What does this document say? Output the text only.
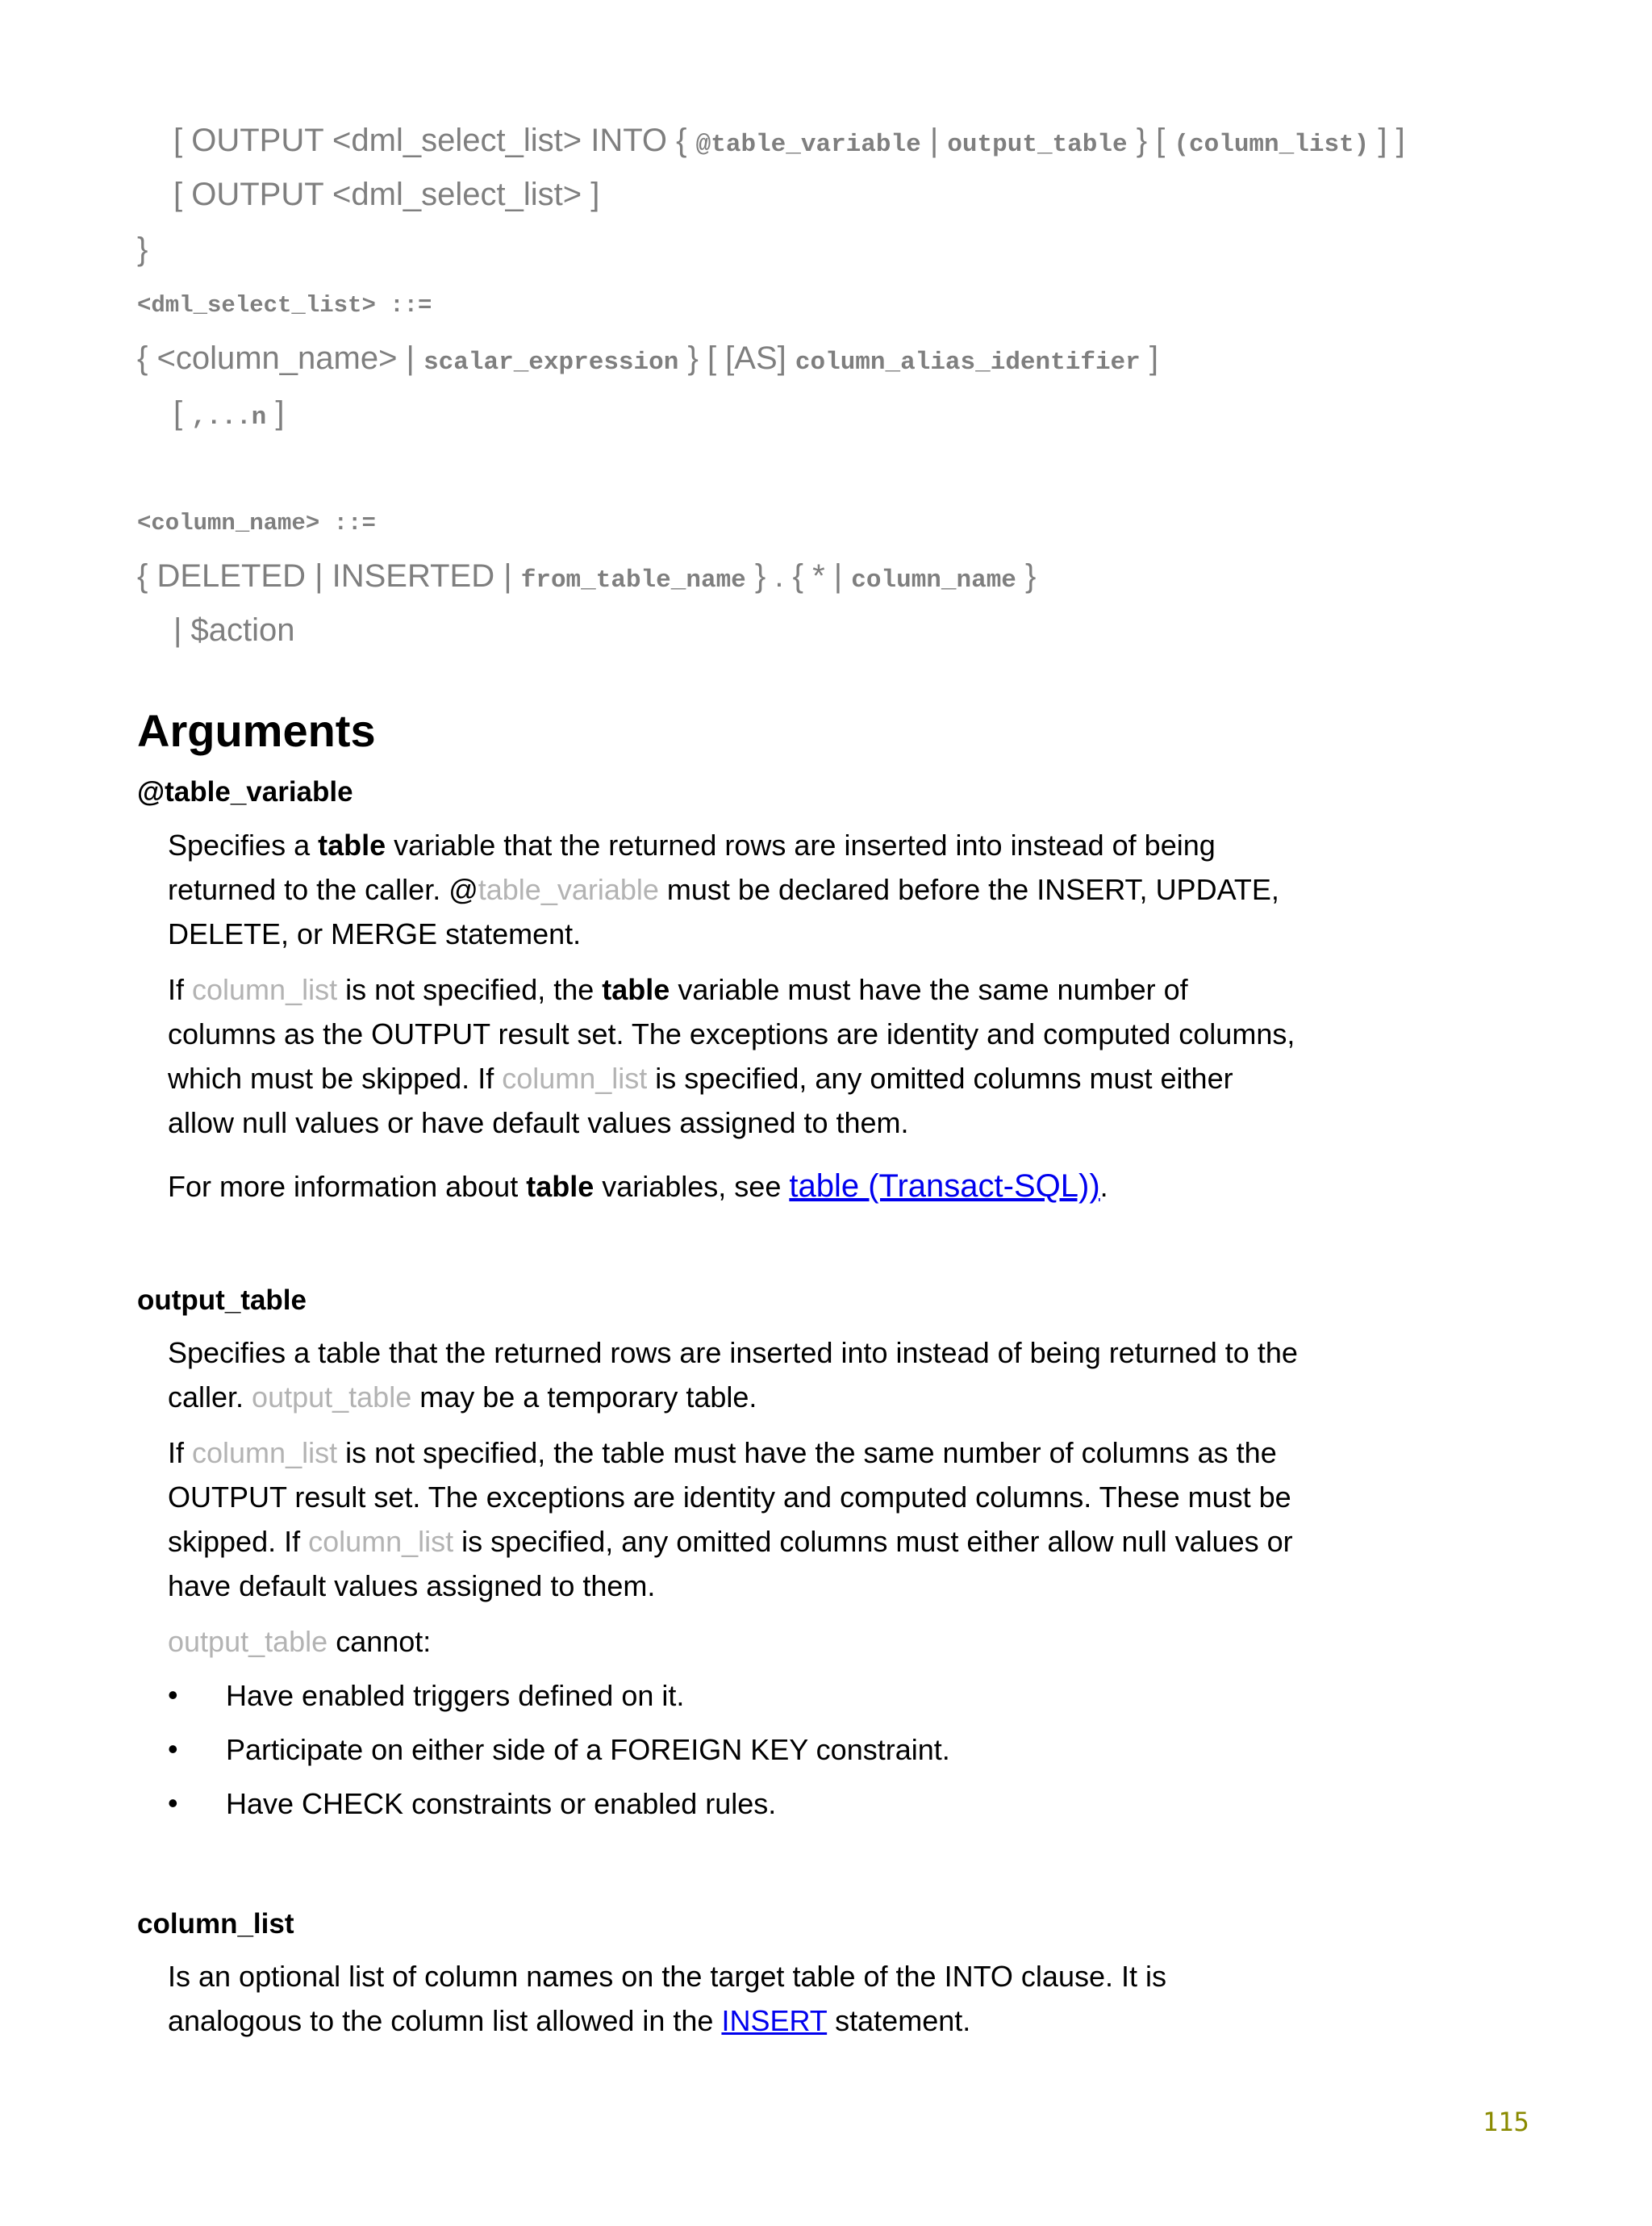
[ OUTPUT <dml_select_list> INTO { @table_variable | output_table } [ (column_list) ] ]
[ OUTPUT <dml_select_list> ]
}
<dml_select_list> ::=
{ <column_name> | scalar_expression } [ [AS] column_alias_identifier ]
[ ,...n ]
<column_name> ::=
{ DELETED | INSERTED | from_table_name } . { * | column_name }
| $action
Arguments
@table_variable
Specifies a table variable that the returned rows are inserted into instead of being
returned to the caller. @table_variable must be declared before the INSERT, UPDATE,
DELETE, or MERGE statement.
If column_list is not specified, the table variable must have the same number of
columns as the OUTPUT result set. The exceptions are identity and computed columns,
which must be skipped. If column_list is specified, any omitted columns must either
allow null values or have default values assigned to them.
For more information about table variables, see table (Transact-SQL)).
output_table
Specifies a table that the returned rows are inserted into instead of being returned to the
caller. output_table may be a temporary table.
If column_list is not specified, the table must have the same number of columns as the
OUTPUT result set. The exceptions are identity and computed columns. These must be
skipped. If column_list is specified, any omitted columns must either allow null values or
have default values assigned to them.
output_table cannot:
• Have enabled triggers defined on it.
• Participate on either side of a FOREIGN KEY constraint.
• Have CHECK constraints or enabled rules.
column_list
Is an optional list of column names on the target table of the INTO clause. It is
analogous to the column list allowed in the INSERT statement.
115
